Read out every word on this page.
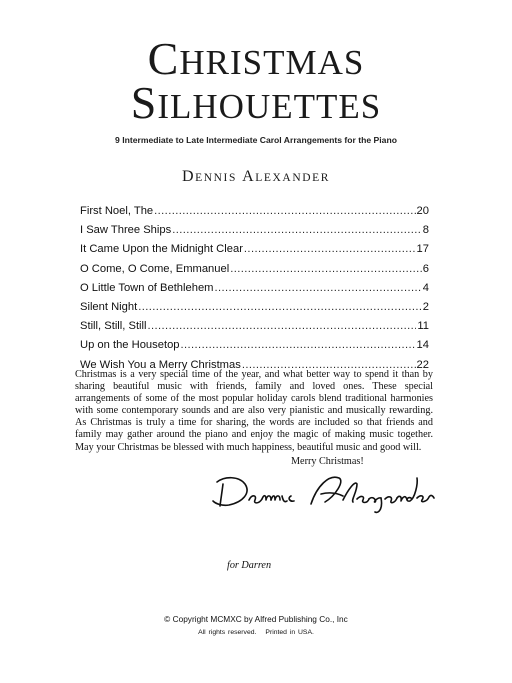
CHRISTMAS
SILHOUETTES
9 Intermediate to Late Intermediate Carol Arrangements for the Piano
DENNIS ALEXANDER
First Noel, The .....	20
I Saw Three Ships .....	8
It Came Upon the Midnight Clear .....	17
O Come, O Come, Emmanuel .....	6
O Little Town of Bethlehem .....	4
Silent Night .....	2
Still, Still, Still .....	11
Up on the Housetop .....	14
We Wish You a Merry Christmas .....	22
Christmas is a very special time of the year, and what better way to spend it than by sharing beautiful music with friends, family and loved ones. These special arrangements of some of the most popular holiday carols blend traditional harmonies with some contemporary sounds and are also very pianistic and musically rewarding. As Christmas is truly a time for sharing, the words are included so that friends and family may gather around the piano and enjoy the magic of making music together. May your Christmas be blessed with much happiness, beautiful music and good will.
Merry Christmas!
for Darren
© Copyright MCMXC by Alfred Publishing Co., Inc
All rights reserved. Printed in USA.
